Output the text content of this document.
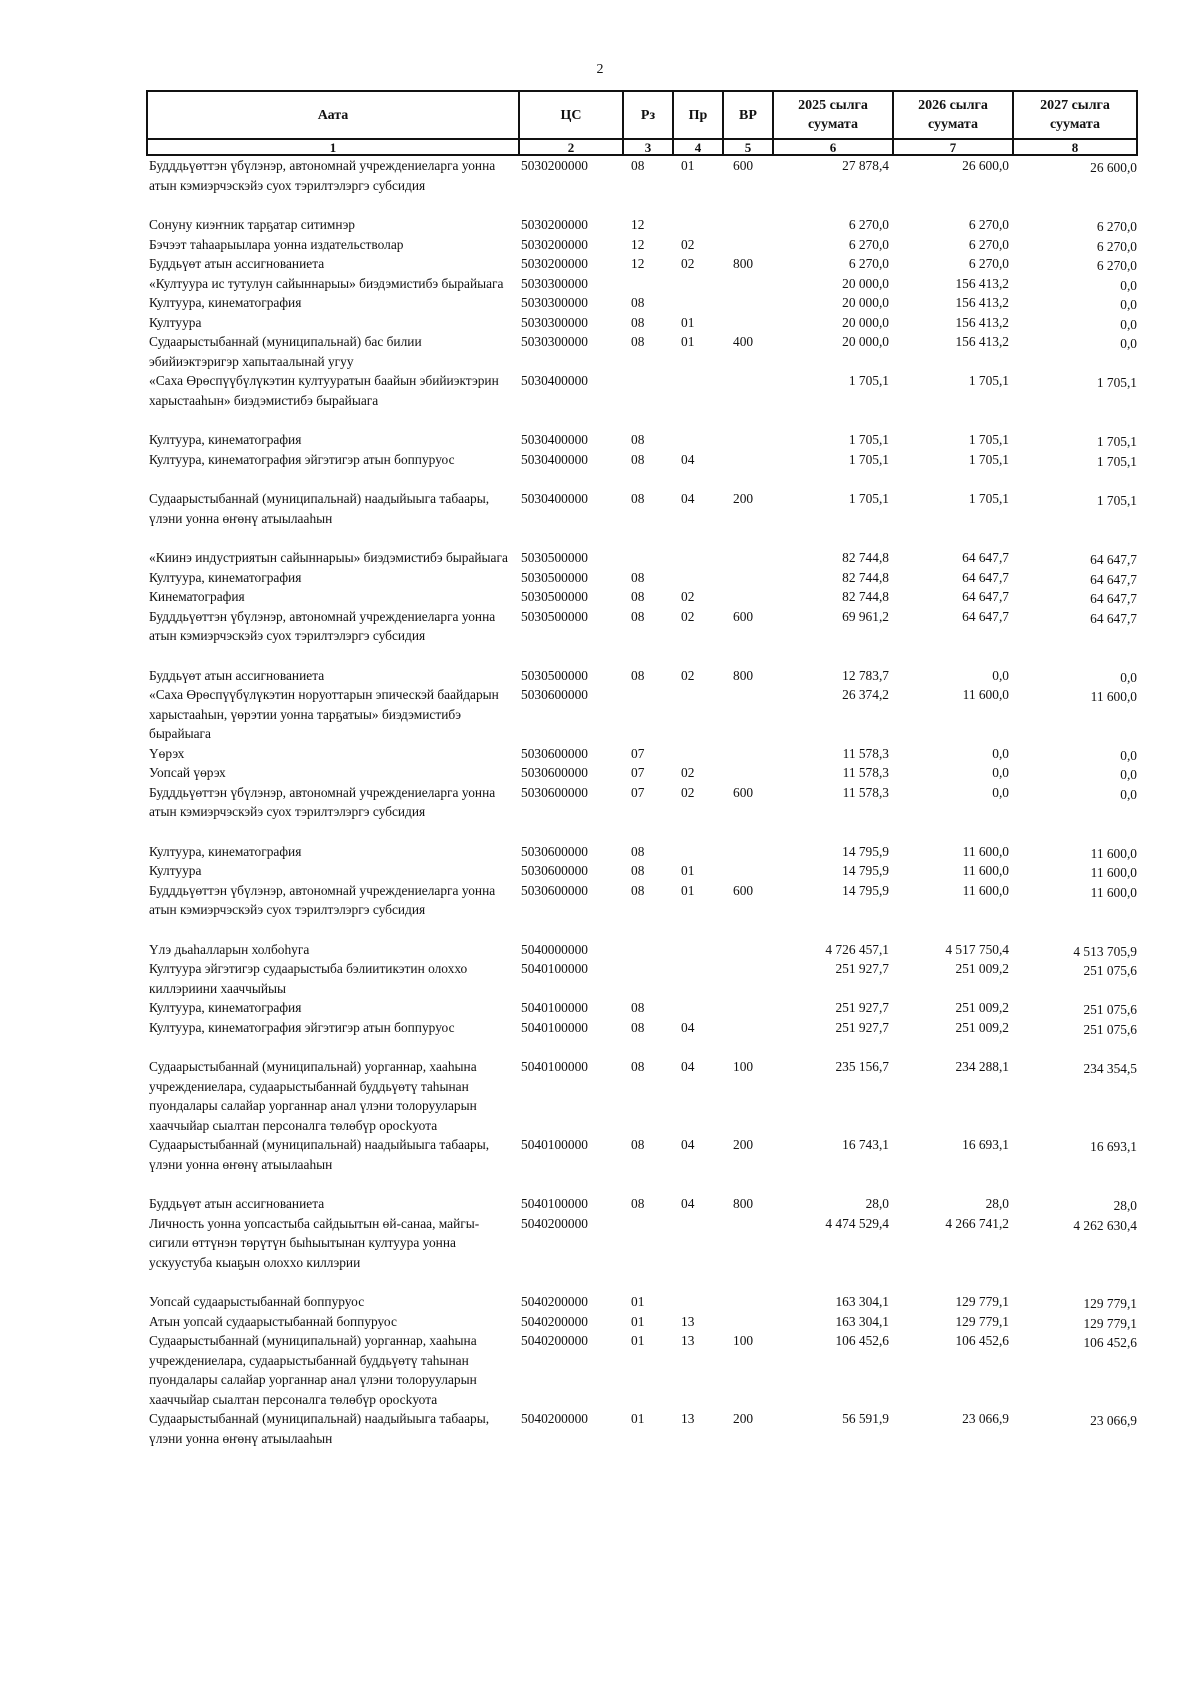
2
Аата	ЦС	Рз	Пр	ВР	2025 сылга суумата	2026 сылга суумата	2027 сылга суумата
1	2	3	4	5	6	7	8
Будддьүөттэн үбүлэнэр, автономнай учреждениеларга уонна атын кэмиэрчэскэйэ суох тэрилтэлэргэ субсидия	5030200000	08	01	600	27 878,4	26 600,0	26 600,0
Сонуну киэҥник тарҕатар ситимнэр	5030200000	12			6 270,0	6 270,0	6 270,0
Бэчээт таһаарыылара уонна издательстволар	5030200000	12	02		6 270,0	6 270,0	6 270,0
Буддьүөт атын ассигнованиета	5030200000	12	02	800	6 270,0	6 270,0	6 270,0
«Култуура ис тутулун сайыннарыы» биэдэмистибэ бырайыага	5030300000				20 000,0	156 413,2	0,0
Култуура, кинематография	5030300000	08			20 000,0	156 413,2	0,0
Култуура	5030300000	08	01		20 000,0	156 413,2	0,0
Судаарыстыбаннай (муниципальнай) бас билии эбийиэктэригэр хапытаалынай угуу	5030300000	08	01	400	20 000,0	156 413,2	0,0
«Саха Өрөспүүбүлүкэтин култууратын баайын эбийиэктэрин харыстааһын» биэдэмистибэ бырайыага	5030400000				1 705,1	1 705,1	1 705,1
Култуура, кинематография	5030400000	08			1 705,1	1 705,1	1 705,1
Култуура, кинематография эйгэтигэр атын боппуруос	5030400000	08	04		1 705,1	1 705,1	1 705,1
Судаарыстыбаннай (муниципальнай) наадыйыыга табаары, үлэни уонна өҥөнү атыылааһын	5030400000	08	04	200	1 705,1	1 705,1	1 705,1
«Киинэ индустриятын сайыннарыы» биэдэмистибэ бырайыага	5030500000				82 744,8	64 647,7	64 647,7
Култуура, кинематография	5030500000	08			82 744,8	64 647,7	64 647,7
Кинематография	5030500000	08	02		82 744,8	64 647,7	64 647,7
Будддьүөттэн үбүлэнэр, автономнай учреждениеларга уонна атын кэмиэрчэскэйэ суох тэрилтэлэргэ субсидия	5030500000	08	02	600	69 961,2	64 647,7	64 647,7
Буддьүөт атын ассигнованиета	5030500000	08	02	800	12 783,7	0,0	0,0
«Саха Өрөспүүбүлүкэтин норуоттарын эпическэй баайдарын харыстааһын, үөрэтии уонна тарҕатыы» биэдэмистибэ бырайыага	5030600000				26 374,2	11 600,0	11 600,0
Үөрэх	5030600000	07			11 578,3	0,0	0,0
Уопсай үөрэх	5030600000	07	02		11 578,3	0,0	0,0
Будддьүөттэн үбүлэнэр, автономнай учреждениеларга уонна атын кэмиэрчэскэйэ суох тэрилтэлэргэ субсидия	5030600000	07	02	600	11 578,3	0,0	0,0
Култуура, кинематография	5030600000	08			14 795,9	11 600,0	11 600,0
Култуура	5030600000	08	01		14 795,9	11 600,0	11 600,0
Будддьүөттэн үбүлэнэр, автономнай учреждениеларга уонна атын кэмиэрчэскэйэ суох тэрилтэлэргэ субсидия	5030600000	08	01	600	14 795,9	11 600,0	11 600,0
Үлэ дьаһалларын холбоһуга	5040000000				4 726 457,1	4 517 750,4	4 513 705,9
Култуура эйгэтигэр судаарыстыба бэлиитикэтин олоххо киллэриини хааччыйыы	5040100000				251 927,7	251 009,2	251 075,6
Култуура, кинематография	5040100000	08			251 927,7	251 009,2	251 075,6
Култуура, кинематография эйгэтигэр атын боппуруос	5040100000	08	04		251 927,7	251 009,2	251 075,6
Судаарыстыбаннай (муниципальнай) уорганнар, хааһына учреждениелара, судаарыстыбаннай буддьүөтү таһынан пуондалары салайар уорганнар анал үлэни толорууларын хааччыйар сыалтан персоналга төлөбүр оросkуота	5040100000	08	04	100	235 156,7	234 288,1	234 354,5
Судаарыстыбаннай (муниципальнай) наадыйыыга табаары, үлэни уонна өҥөнү атыылааһын	5040100000	08	04	200	16 743,1	16 693,1	16 693,1
Буддьүөт атын ассигнованиета	5040100000	08	04	800	28,0	28,0	28,0
Личность уонна уопсастыба сайдыытын өй-санаа, майгы-сигили өттүнэн төрүтүн быһыытынан култуура уонна ускуустуба кыаҕын олохxо киллэрии	5040200000				4 474 529,4	4 266 741,2	4 262 630,4
Уопсай судаарыстыбаннай боппуруос	5040200000	01			163 304,1	129 779,1	129 779,1
Атын уопсай судаарыстыбаннай боппуруос	5040200000	01	13		163 304,1	129 779,1	129 779,1
Судаарыстыбаннай (муниципальнай) уорганнар, хааһына учреждениелара, судаарыстыбаннай буддьүөтү таһынан пуондалары салайар уорганнар анал үлэни толорууларын хааччыйар сыалтан персоналга төлөбүр оросkуота	5040200000	01	13	100	106 452,6	106 452,6	106 452,6
Судаарыстыбаннай (муниципальнай) наадыйыыга табаары, үлэни уонна өҥөнү атыылааһын	5040200000	01	13	200	56 591,9	23 066,9	23 066,9
